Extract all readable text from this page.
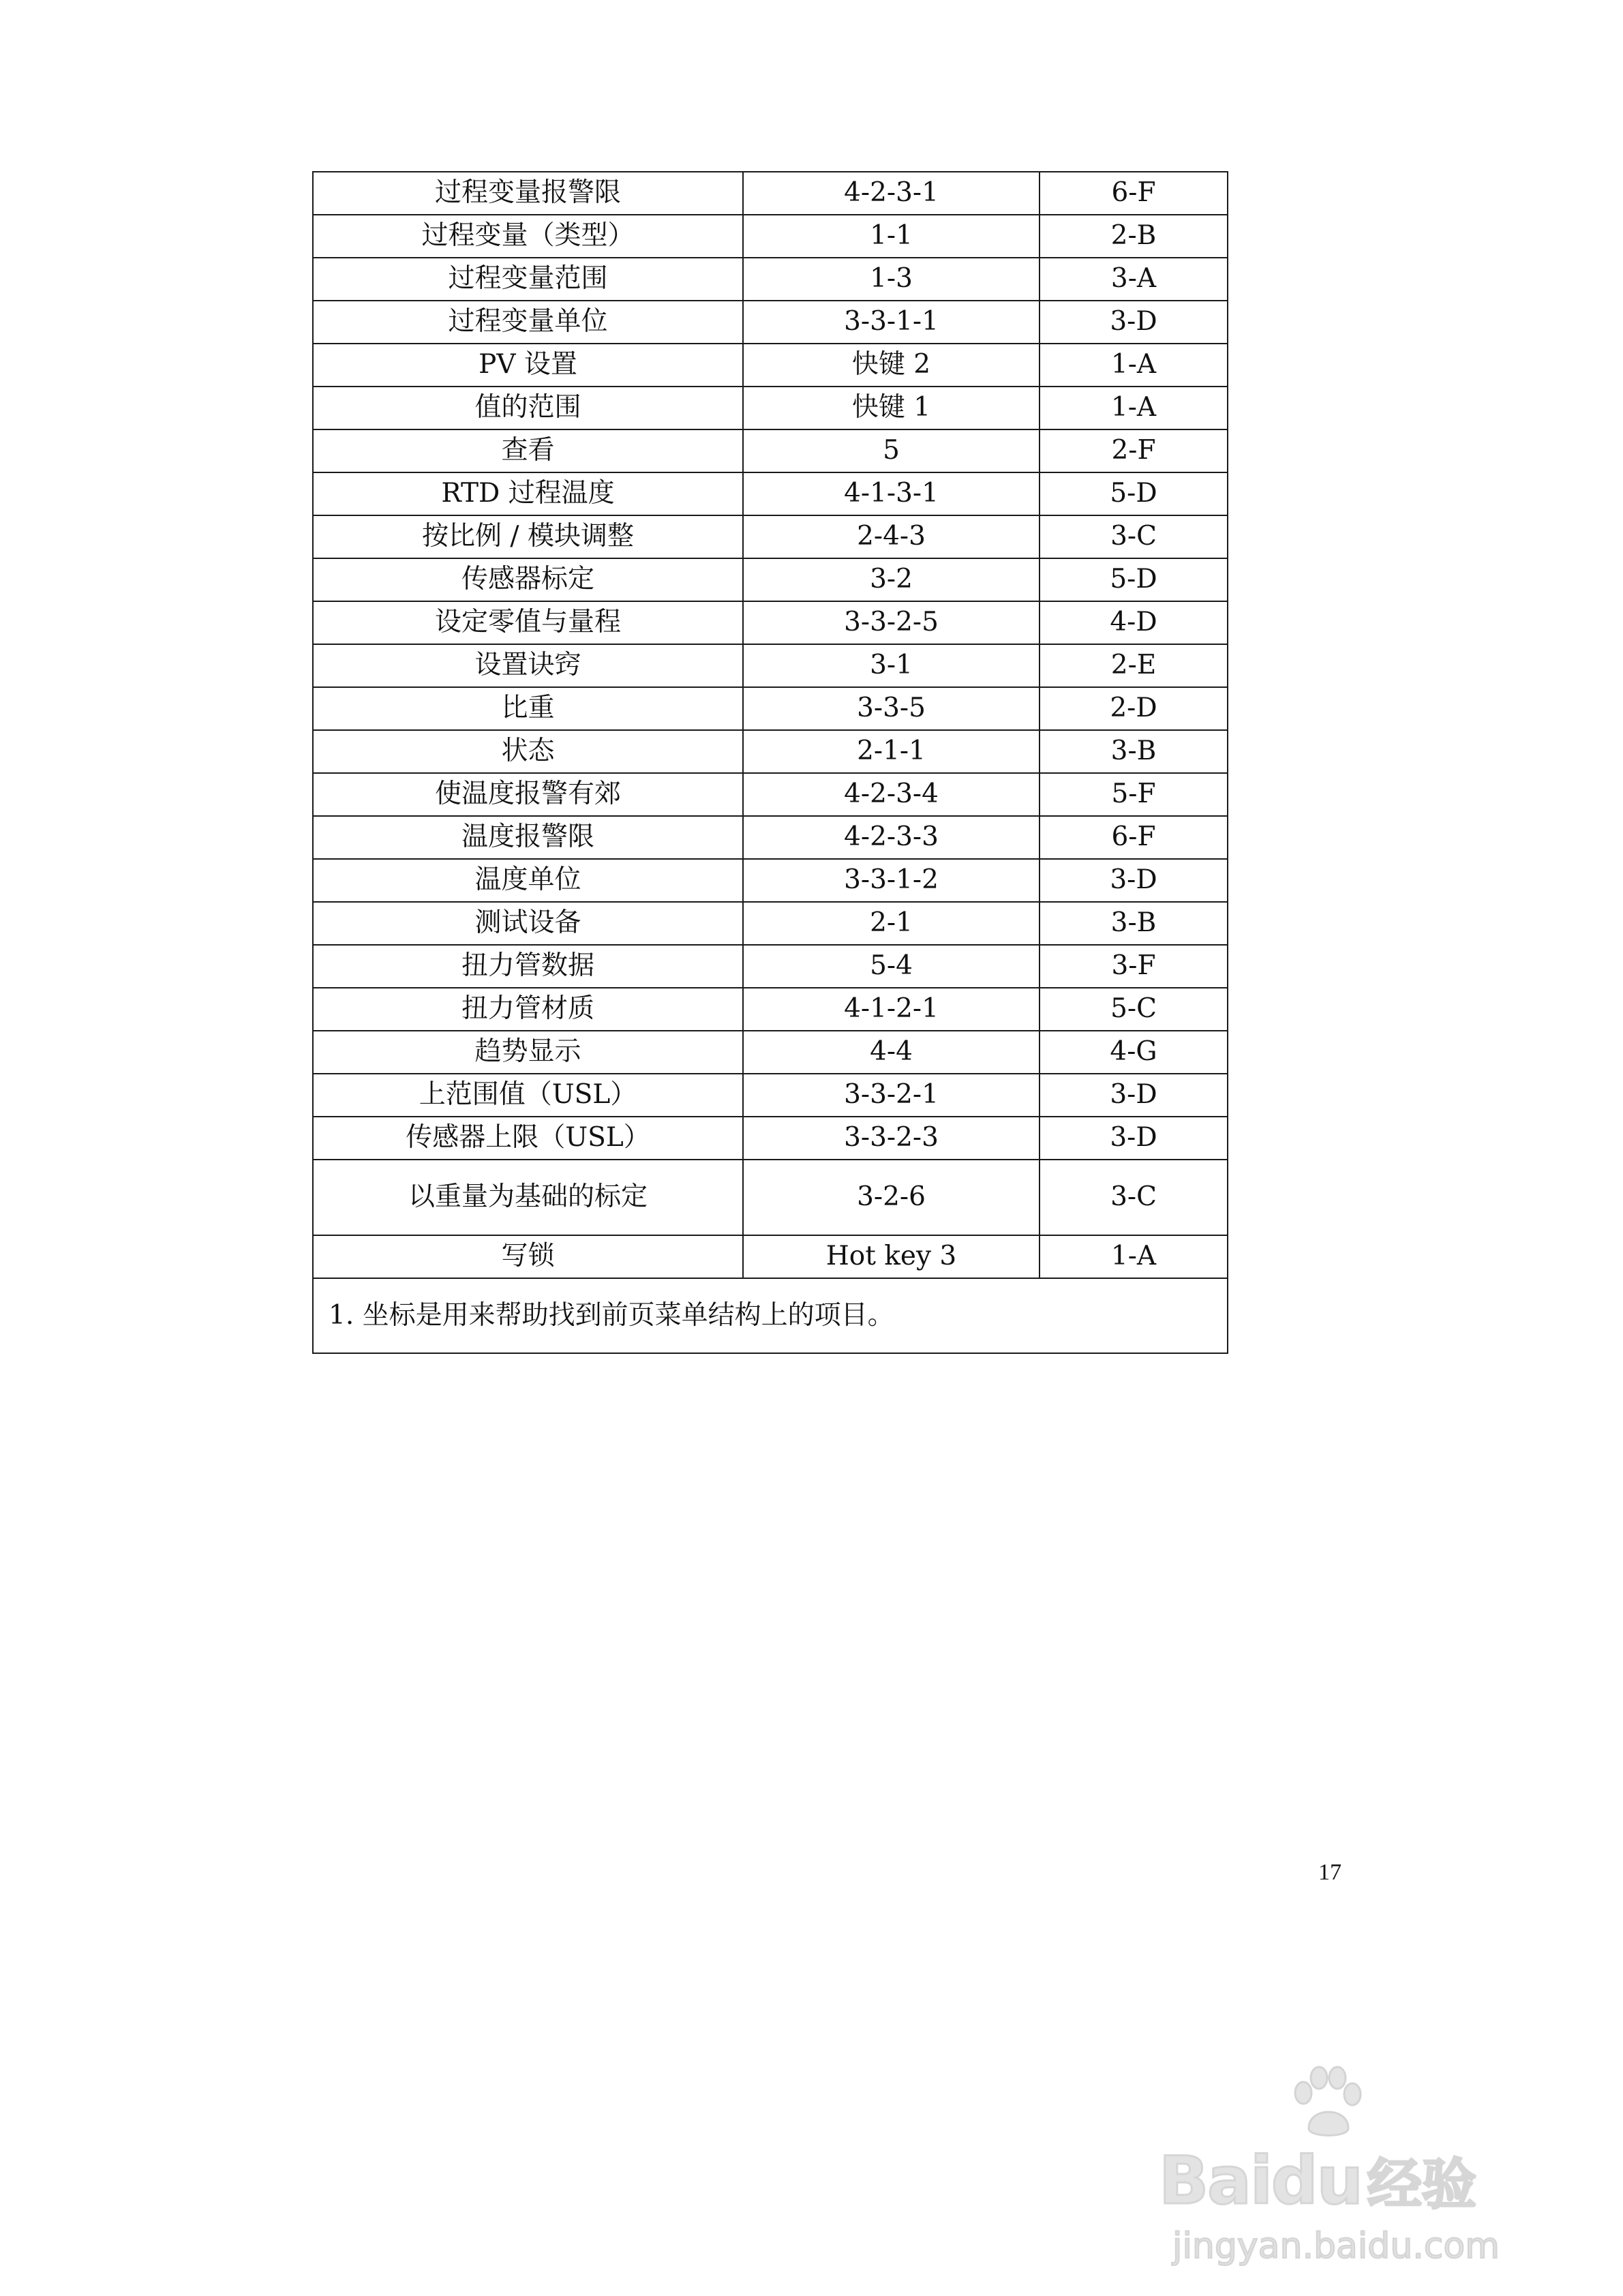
过程变量报警限	4-2-3-1	6-F
过程变量（类型）	1-1	2-B
过程变量范围	1-3	3-A
过程变量单位	3-3-1-1	3-D
PV 设置	快键 2	1-A
值的范围	快键 1	1-A
查看	5	2-F
RTD 过程温度	4-1-3-1	5-D
按比例 / 模块调整	2-4-3	3-C
传感器标定	3-2	5-D
设定零值与量程	3-3-2-5	4-D
设置诀窍	3-1	2-E
比重	3-3-5	2-D
状态	2-1-1	3-B
使温度报警有郊	4-2-3-4	5-F
温度报警限	4-2-3-3	6-F
温度单位	3-3-1-2	3-D
测试设备	2-1	3-B
扭力管数据	5-4	3-F
扭力管材质	4-1-2-1	5-C
趋势显示	4-4	4-G
上范围值（USL）	3-3-2-1	3-D
传感器上限（USL）	3-3-2-3	3-D
以重量为基础的标定	3-2-6	3-C
写锁	Hot key 3	1-A
1. 坐标是用来帮助找到前页菜单结构上的项目。		
17
Bai du 经验
jingyan.baidu.com
